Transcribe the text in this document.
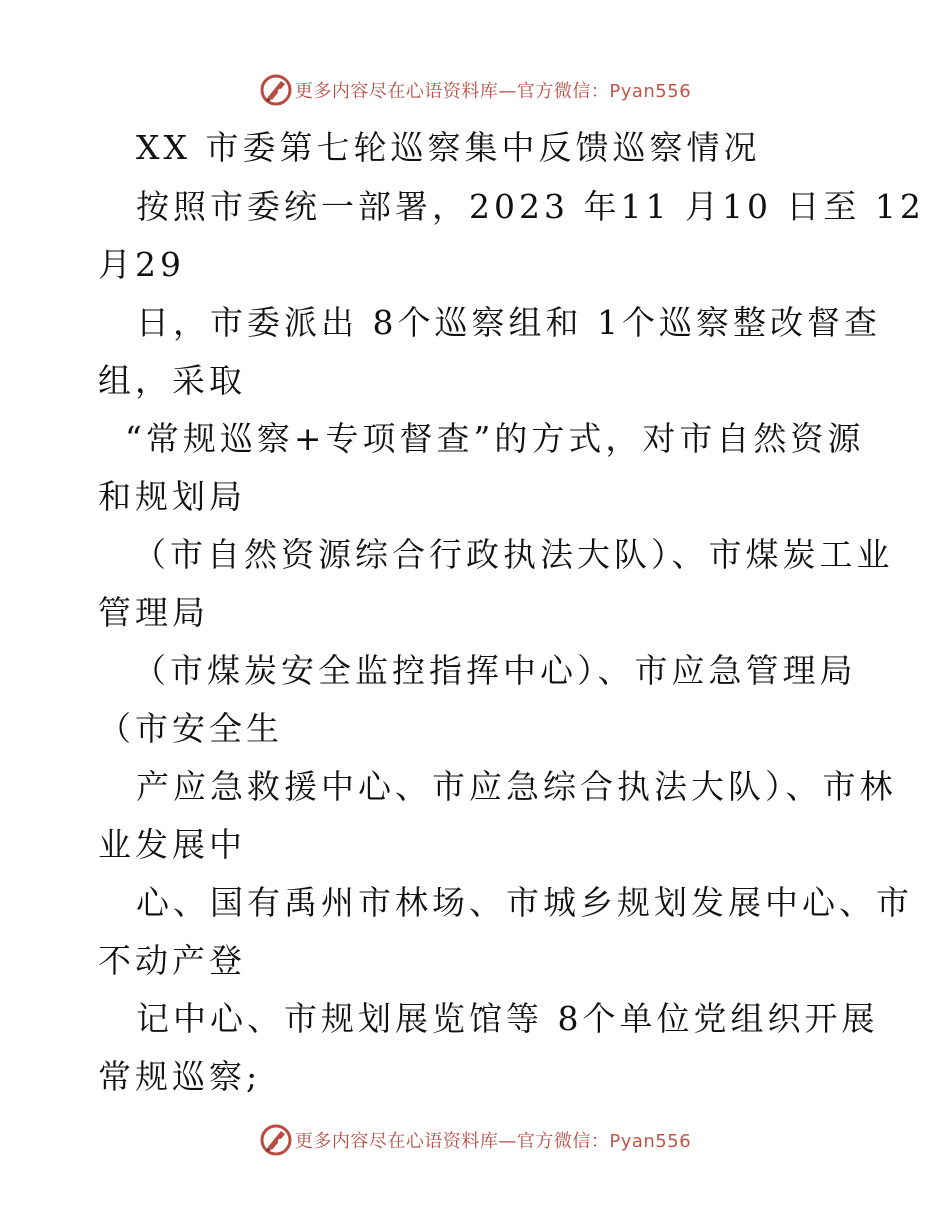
更多内容尽在心语资料库—官方微信：Pyan556
XX 市委第七轮巡察集中反馈巡察情况
按照市委统一部署，2023 年11 月10 日至 12
月29
日，市委派出 8个巡察组和 1个巡察整改督查
组，采取
“常规巡察+专项督查”的方式，对市自然资源
和规划局
（市自然资源综合行政执法大队）、市煤炭工业
管理局
（市煤炭安全监控指挥中心）、市应急管理局
（市安全生
产应急救援中心、市应急综合执法大队）、市林
业发展中
心、国有禹州市林场、市城乡规划发展中心、市
不动产登
记中心、市规划展览馆等 8个单位党组织开展
常规巡察;
更多内容尽在心语资料库—官方微信：Pyan556
